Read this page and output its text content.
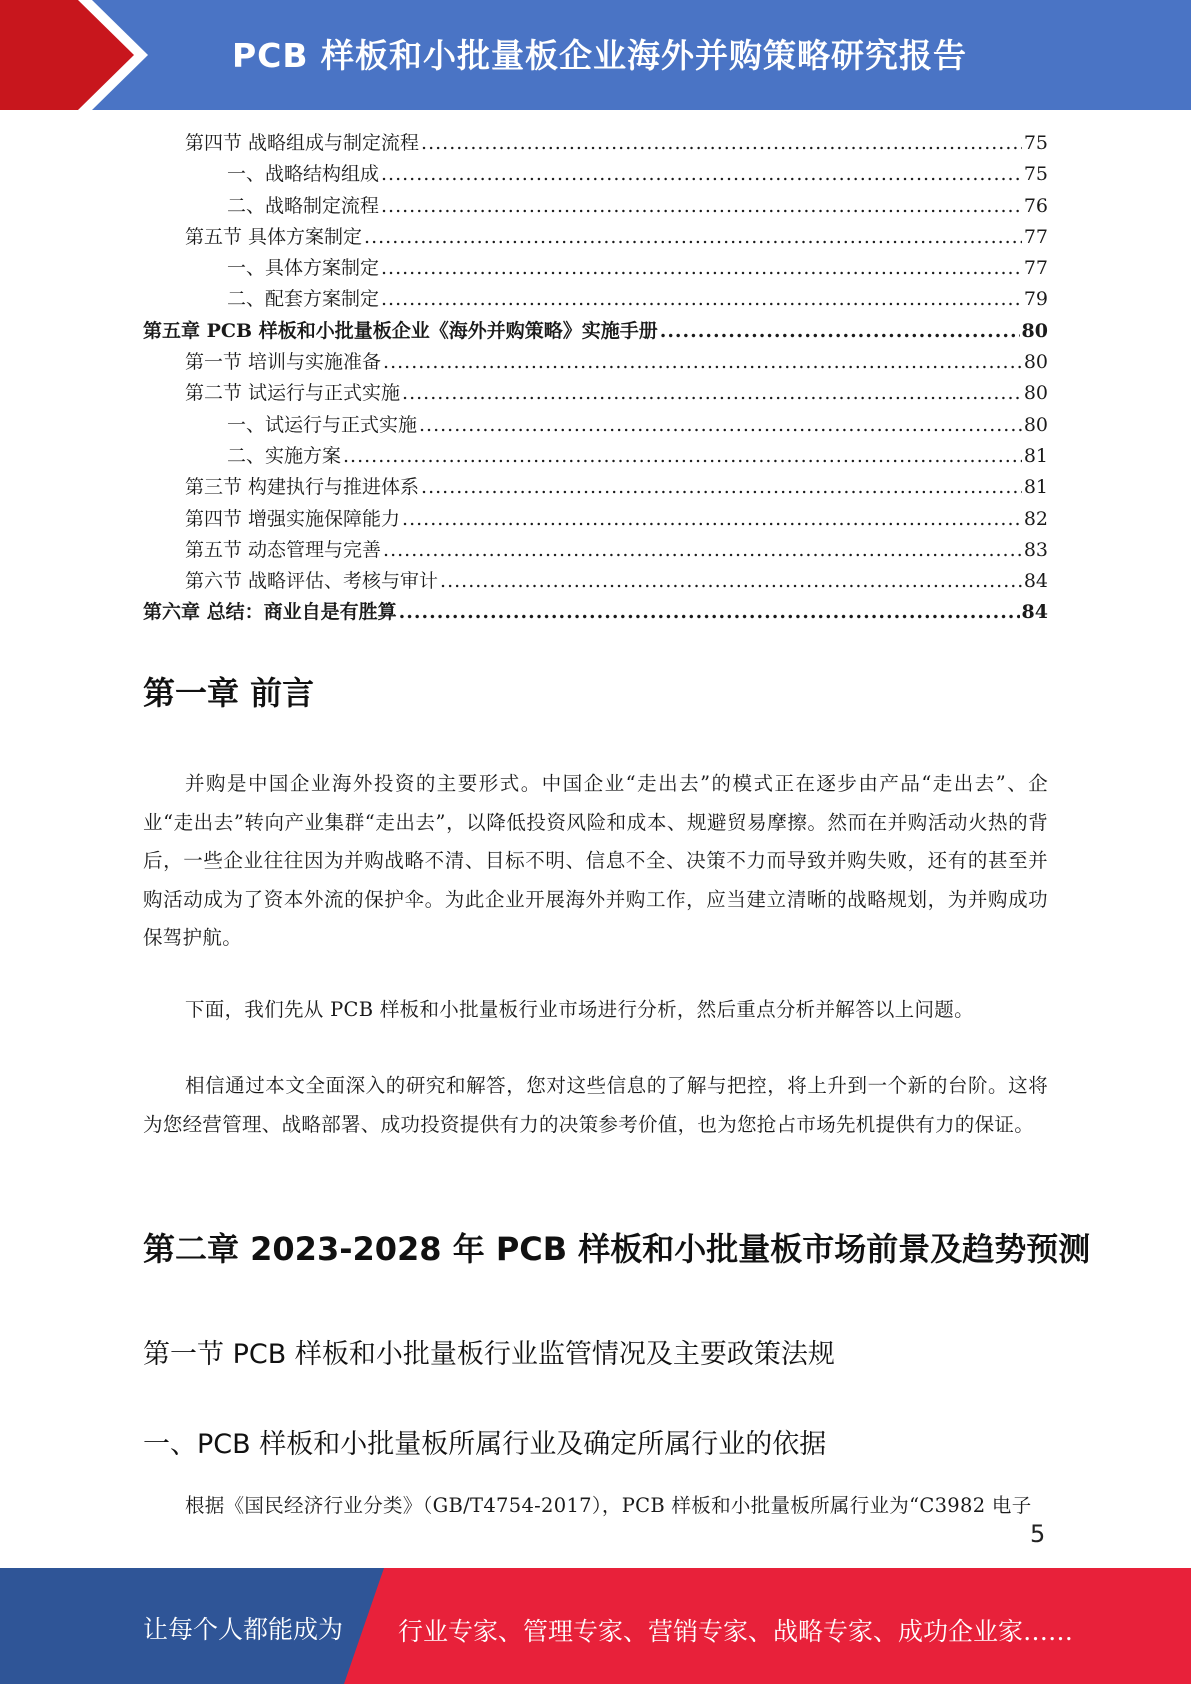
PCB 样板和小批量板企业海外并购策略研究报告
第四节 战略组成与制定流程 .....	75
一、战略结构组成 .....	75
二、战略制定流程 .....	76
第五节 具体方案制定 .....	77
一、具体方案制定 .....	77
二、配套方案制定 .....	79
第五章 PCB 样板和小批量板企业《海外并购策略》实施手册 .....	80
第一节 培训与实施准备 .....	80
第二节 试运行与正式实施 .....	80
一、试运行与正式实施 .....	80
二、实施方案 .....	81
第三节 构建执行与推进体系 .....	81
第四节 增强实施保障能力 .....	82
第五节 动态管理与完善 .....	83
第六节 战略评估、考核与审计 .....	84
第六章 总结：商业自是有胜算 .....	84
第一章 前言
并购是中国企业海外投资的主要形式。中国企业“走出去”的模式正在逐步由产品“走出去”、企业“走出去”转向产业集群“走出去”，以降低投资风险和成本、规避贸易摩擦。然而在并购活动火热的背后，一些企业往往因为并购战略不清、目标不明、信息不全、决策不力而导致并购失败，还有的甚至并购活动成为了资本外流的保护伞。为此企业开展海外并购工作，应当建立清晰的战略规划，为并购成功保驾护航。
下面，我们先从 PCB 样板和小批量板行业市场进行分析，然后重点分析并解答以上问题。
相信通过本文全面深入的研究和解答，您对这些信息的了解与把控，将上升到一个新的台阶。这将为您经营管理、战略部署、成功投资提供有力的决策参考价值，也为您抢占市场先机提供有力的保证。
第二章 2023-2028 年 PCB 样板和小批量板市场前景及趋势预测
第一节 PCB 样板和小批量板行业监管情况及主要政策法规
一、PCB 样板和小批量板所属行业及确定所属行业的依据
根据《国民经济行业分类》（GB/T4754-2017），PCB 样板和小批量板所属行业为“C3982 电子
5
让每个人都能成为 行业专家、管理专家、营销专家、战略专家、成功企业家……
